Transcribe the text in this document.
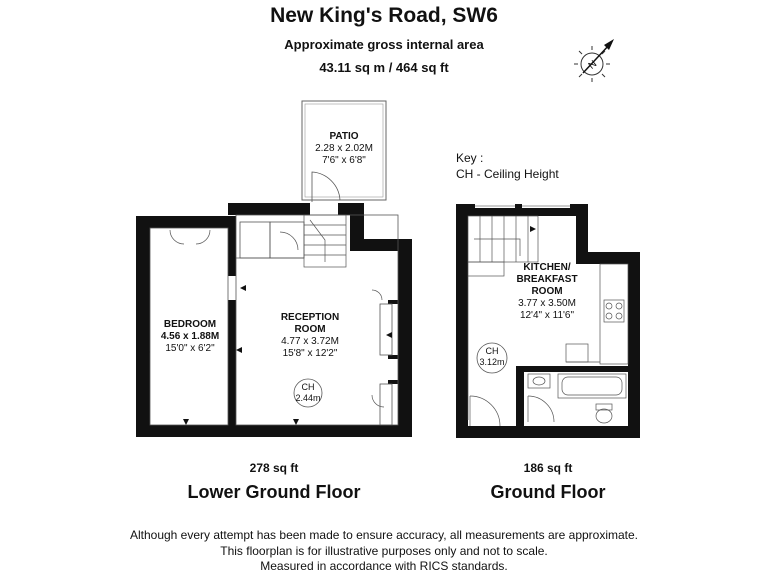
New King's Road, SW6
Approximate gross internal area
43.11 sq m / 464 sq ft	N
PATIO
2.28 x 2.02M
7'6" x 6'8"
BEDROOM
4.56 x 1.88M
15'0" x 6'2"
RECEPTION
ROOM
4.77 x 3.72M
15'8" x 12'2"
CH
2.44m
Key :
CH - Ceiling Height
KITCHEN/
BREAKFAST
ROOM
3.77 x 3.50M
12'4" x 11'6"
CH
3.12m
278 sq ft
Lower Ground Floor
186 sq ft
Ground Floor
Although every attempt has been made to ensure accuracy, all measurements are approximate.
This floorplan is for illustrative purposes only and not to scale.
Measured in accordance with RICS standards.
